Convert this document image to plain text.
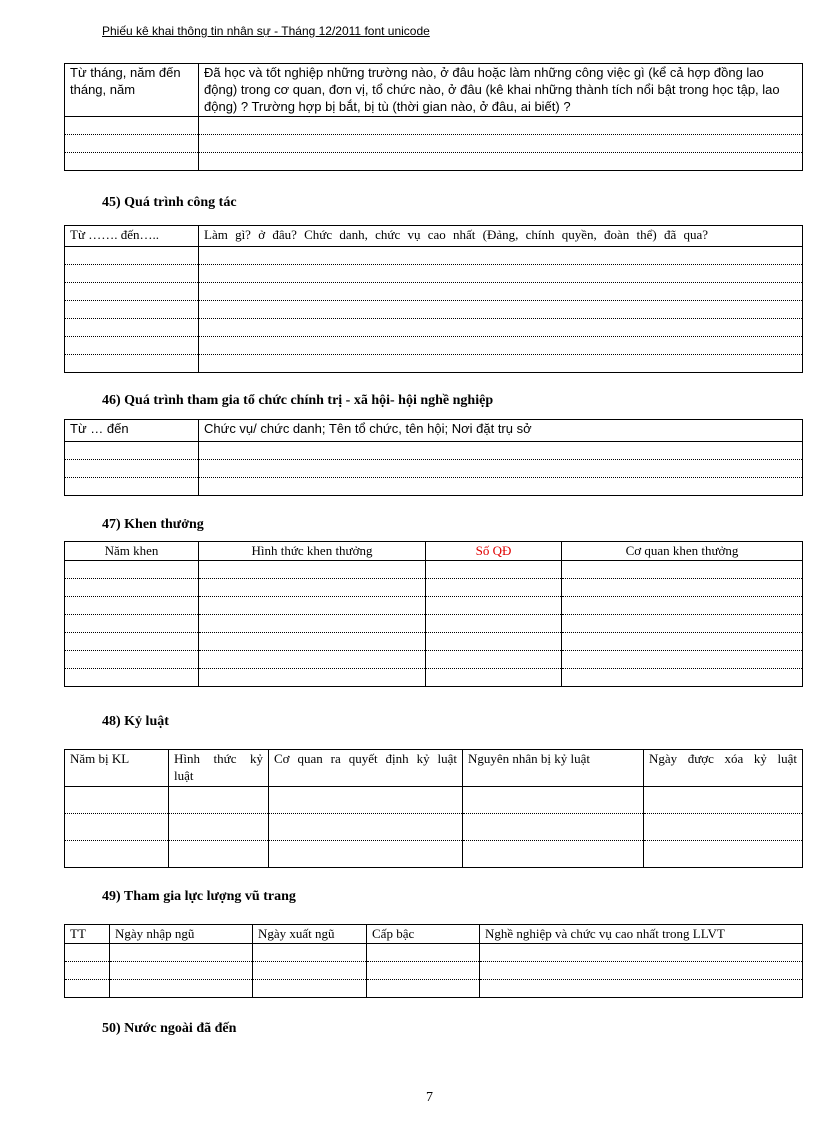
Phiếu kê khai thông tin nhân sự - Tháng 12/2011 font unicode
Từ tháng, năm đến tháng, năm	Đã học và tốt nghiệp những trường nào, ở đâu hoặc làm những công việc gì (kể cả hợp đồng lao động) trong cơ quan, đơn vị, tổ chức nào, ở đâu (kê khai những thành tích nổi bật trong học tập, lao động) ? Trường hợp bị bắt, bị tù (thời gian nào, ở đâu, ai biết) ?

45) Quá trình công tác
Từ ……. đến…..	Làm gì? ở đâu? Chức danh, chức vụ cao nhất (Đảng, chính quyền, đoàn thể) đã qua?

46) Quá trình tham gia tổ chức chính trị - xã hội- hội nghề nghiệp
Từ … đến	Chức vụ/ chức danh; Tên tổ chức, tên hội; Nơi đặt trụ sở

47) Khen thưởng
Năm khen	Hình thức khen thưởng	Số QĐ	Cơ quan khen thưởng

48) Kỷ luật
Năm bị KL	Hình thức kỷ luật	Cơ quan ra quyết định kỷ luật	Nguyên nhân bị kỷ luật	Ngày được xóa kỷ luật

49) Tham gia lực lượng vũ trang
TT	Ngày nhập ngũ	Ngày xuất ngũ	Cấp bậc	Nghề nghiệp và chức vụ cao nhất trong LLVT

50) Nước ngoài đã đến
7
